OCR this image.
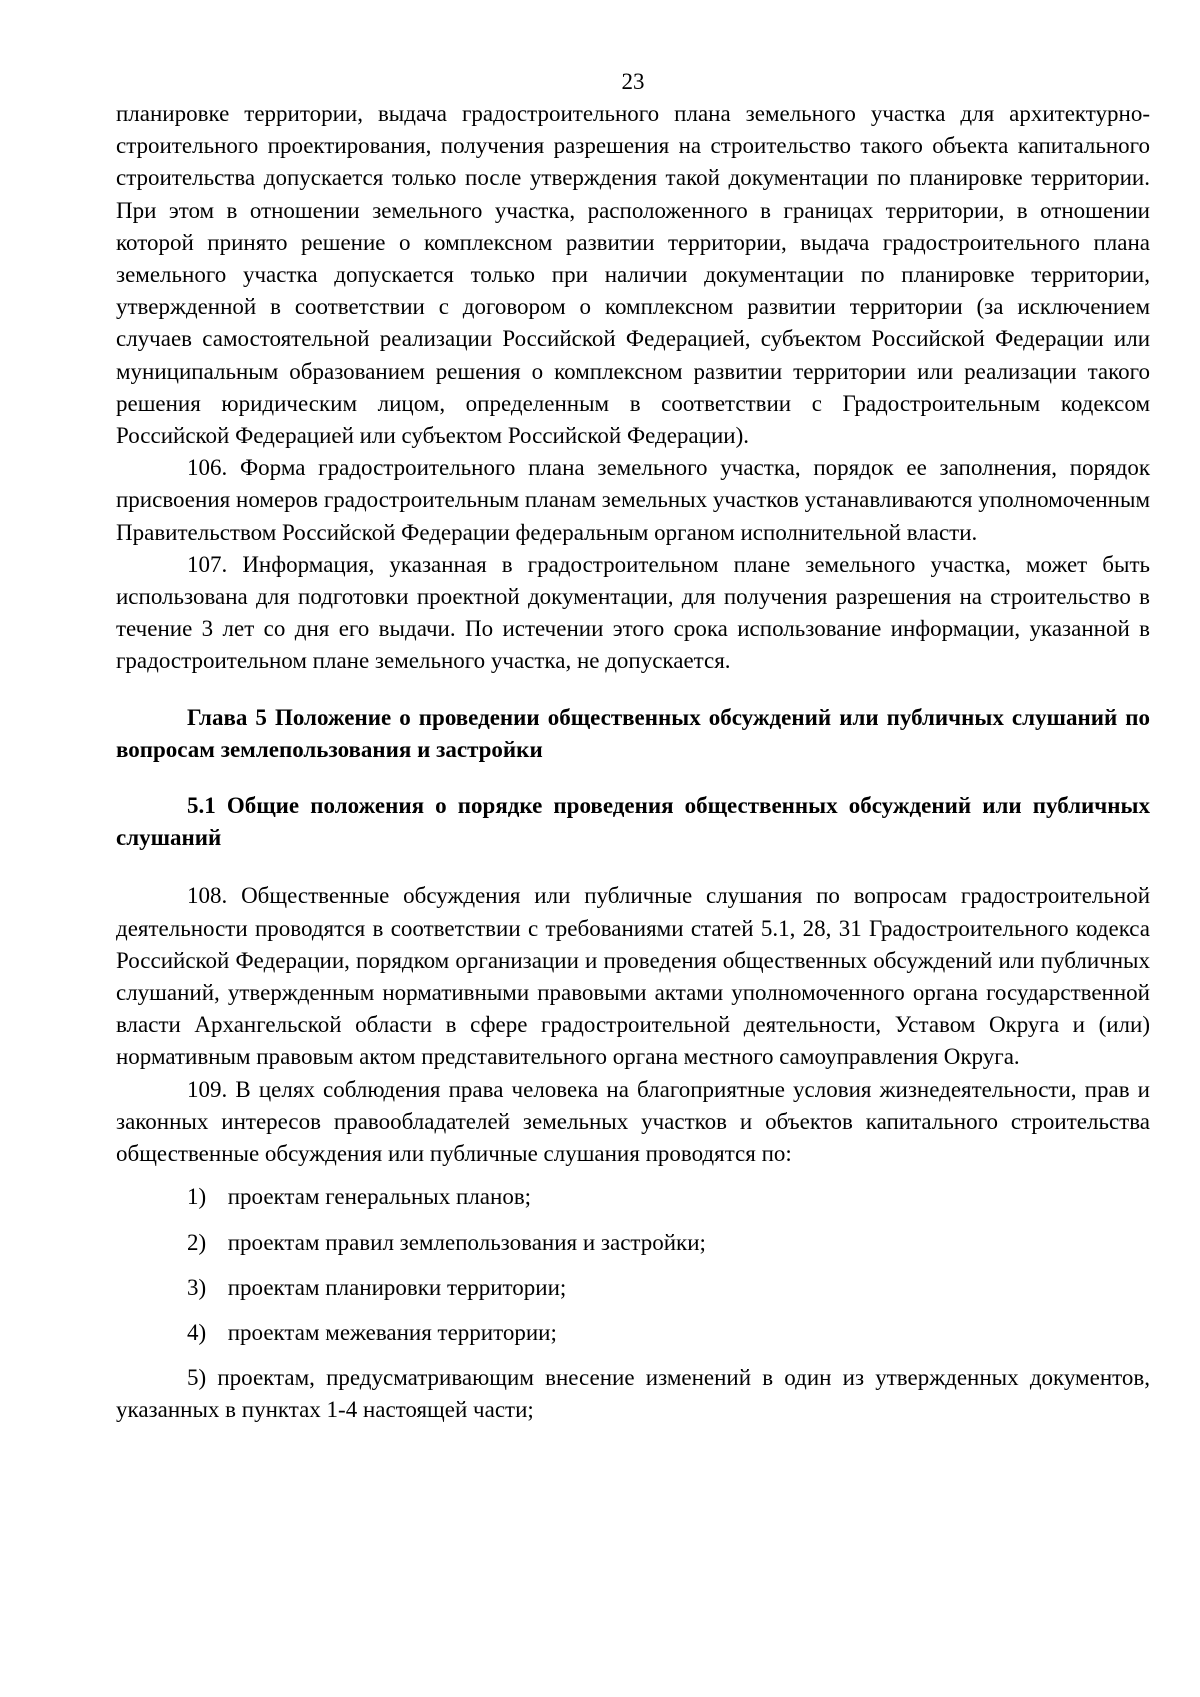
23

планировке территории, выдача градостроительного плана земельного участка для архитектурно-строительного проектирования, получения разрешения на строительство такого объекта капитального строительства допускается только после утверждения такой документации по планировке территории. При этом в отношении земельного участка, расположенного в границах территории, в отношении которой принято решение о комплексном развитии территории, выдача градостроительного плана земельного участка допускается только при наличии документации по планировке территории, утвержденной в соответствии с договором о комплексном развитии территории (за исключением случаев самостоятельной реализации Российской Федерацией, субъектом Российской Федерации или муниципальным образованием решения о комплексном развитии территории или реализации такого решения юридическим лицом, определенным в соответствии с Градостроительным кодексом Российской Федерацией или субъектом Российской Федерации).

106. Форма градостроительного плана земельного участка, порядок ее заполнения, порядок присвоения номеров градостроительным планам земельных участков устанавливаются уполномоченным Правительством Российской Федерации федеральным органом исполнительной власти.

107. Информация, указанная в градостроительном плане земельного участка, может быть использована для подготовки проектной документации, для получения разрешения на строительство в течение 3 лет со дня его выдачи. По истечении этого срока использование информации, указанной в градостроительном плане земельного участка, не допускается.

Глава 5 Положение о проведении общественных обсуждений или публичных слушаний по вопросам землепользования и застройки

5.1 Общие положения о порядке проведения общественных обсуждений или публичных слушаний

108. Общественные обсуждения или публичные слушания по вопросам градостроительной деятельности проводятся в соответствии с требованиями статей 5.1, 28, 31 Градостроительного кодекса Российской Федерации, порядком организации и проведения общественных обсуждений или публичных слушаний, утвержденным нормативными правовыми актами уполномоченного органа государственной власти Архангельской области в сфере градостроительной деятельности, Уставом Округа и (или) нормативным правовым актом представительного органа местного самоуправления Округа.

109. В целях соблюдения права человека на благоприятные условия жизнедеятельности, прав и законных интересов правообладателей земельных участков и объектов капитального строительства общественные обсуждения или публичные слушания проводятся по:

1) проектам генеральных планов;

2) проектам правил землепользования и застройки;

3) проектам планировки территории;

4) проектам межевания территории;

5) проектам, предусматривающим внесение изменений в один из утвержденных документов, указанных в пунктах 1-4 настоящей части;
